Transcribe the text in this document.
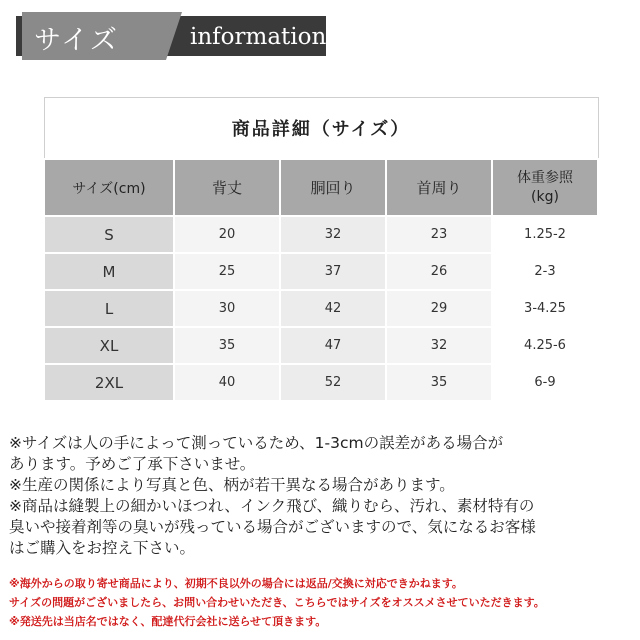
サイズ	information
商品詳細（サイズ）				
サイズ(cm)	背丈	胴回り	首周り	体重参照
(kg)
S	20	32	23	1.25-2
M	25	37	26	2-3
L	30	42	29	3-4.25
XL	35	47	32	4.25-6
2XL	40	52	35	6-9
※サイズは人の手によって測っているため、1-3cmの誤差がある場合が
あります。予めご了承下さいませ。
※生産の関係により写真と色、柄が若干異なる場合があります。
※商品は縫製上の細かいほつれ、インク飛び、織りむら、汚れ、素材特有の
臭いや接着剤等の臭いが残っている場合がございますので、気になるお客様
はご購入をお控え下さい。
※海外からの取り寄せ商品により、初期不良以外の場合には返品/交換に対応できかねます。
サイズの問題がございましたら、お問い合わせいただき、こちらではサイズをオススメさせていただきます。
※発送先は当店名ではなく、配達代行会社に送らせて頂きます。
